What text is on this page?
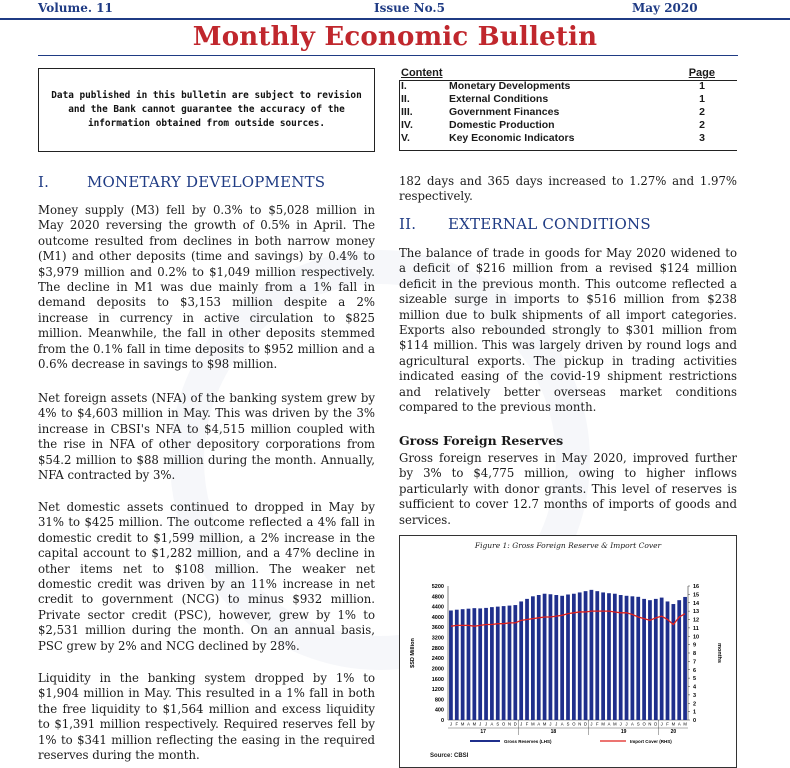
Volume. 11	Issue No.5	May 2020
Monthly Economic Bulletin

Data published in this bulletin are subject to revision and the Bank cannot guarantee the accuracy of the information obtained from outside sources.

Content	Page
I.	Monetary Developments	1
II.	External Conditions	1
III.	Government Finances	2
IV.	Domestic Production	2
V.	Key Economic Indicators	3
I.	MONETARY DEVELOPMENTS

Money supply (M3) fell by 0.3% to $5,028 million in May 2020 reversing the growth of 0.5% in April. The outcome resulted from declines in both narrow money (M1) and other deposits (time and savings) by 0.4% to $3,979 million and 0.2% to $1,049 million respectively. The decline in M1 was due mainly from a 1% fall in demand deposits to $3,153 million despite a 2% increase in currency in active circulation to $825 million. Meanwhile, the fall in other deposits stemmed from the 0.1% fall in time deposits to $952 million and a 0.6% decrease in savings to $98 million.

Net foreign assets (NFA) of the banking system grew by 4% to $4,603 million in May. This was driven by the 3% increase in CBSI's NFA to $4,515 million coupled with the rise in NFA of other depository corporations from $54.2 million to $88 million during the month. Annually, NFA contracted by 3%.

Net domestic assets continued to dropped in May by 31% to $425 million. The outcome reflected a 4% fall in domestic credit to $1,599 million, a 2% increase in the capital account to $1,282 million, and a 47% decline in other items net to $108 million. The weaker net domestic credit was driven by an 11% increase in net credit to government (NCG) to minus $932 million. Private sector credit (PSC), however, grew by 1% to $2,531 million during the month. On an annual basis, PSC grew by 2% and NCG declined by 28%.

Liquidity in the banking system dropped by 1% to $1,904 million in May. This resulted in a 1% fall in both the free liquidity to $1,564 million and excess liquidity to $1,391 million respectively. Required reserves fell by 1% to $341 million reflecting the easing in the required reserves during the month.

182 days and 365 days increased to 1.27% and 1.97% respectively.

II. EXTERNAL CONDITIONS

The balance of trade in goods for May 2020 widened to a deficit of $216 million from a revised $124 million deficit in the previous month. This outcome reflected a sizeable surge in imports to $516 million from $238 million due to bulk shipments of all import categories. Exports also rebounded strongly to $301 million from $114 million. This was largely driven by round logs and agricultural exports. The pickup in trading activities indicated easing of the covid-19 shipment restrictions and relatively better overseas market conditions compared to the previous month.

Gross Foreign Reserves

Gross foreign reserves in May 2020, improved further by 3% to $4,775 million, owing to higher inflows particularly with donor grants. This level of reserves is sufficient to cover 12.7 months of imports of goods and services.

Figure 1: Gross Foreign Reserve & Import Cover
0
400
800
1200
1600
2000
2400
2800
3200
3600
4000
4400
4800
5200
0
1
2
3
4
5
6
7
8
9
10
11
12
13
14
15
16
$SD Million	months
J F M A M J J A S O N D J F M A M J J A S O N D J F M A M J J A S O N D J F M A M
17	18	19	20
Gross Reserves (LHS)	Import Cover (RHS)
Source: CBSI
